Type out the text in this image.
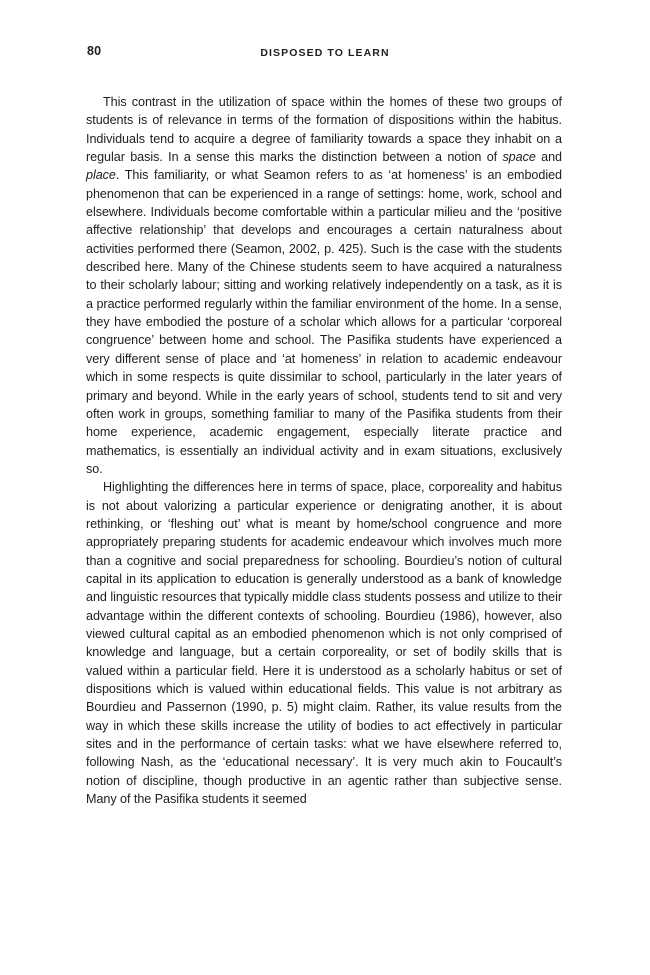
80	DISPOSED TO LEARN

This contrast in the utilization of space within the homes of these two groups of students is of relevance in terms of the formation of dispositions within the habitus. Individuals tend to acquire a degree of familiarity towards a space they inhabit on a regular basis. In a sense this marks the distinction between a notion of space and place. This familiarity, or what Seamon refers to as ‘at homeness’ is an embodied phenomenon that can be experienced in a range of settings: home, work, school and elsewhere. Individuals become comfortable within a particular milieu and the ‘positive affective relationship’ that develops and encourages a certain naturalness about activities performed there (Seamon, 2002, p. 425). Such is the case with the students described here. Many of the Chinese students seem to have acquired a naturalness to their scholarly labour; sitting and working relatively independently on a task, as it is a practice performed regularly within the familiar environment of the home. In a sense, they have embodied the posture of a scholar which allows for a particular ‘corporeal congruence’ between home and school. The Pasifika students have experienced a very different sense of place and ‘at homeness’ in relation to academic endeavour which in some respects is quite dissimilar to school, particularly in the later years of primary and beyond. While in the early years of school, students tend to sit and very often work in groups, something familiar to many of the Pasifika students from their home experience, academic engagement, especially literate practice and mathematics, is essentially an individual activity and in exam situations, exclusively so.

Highlighting the differences here in terms of space, place, corporeality and habitus is not about valorizing a particular experience or denigrating another, it is about rethinking, or ‘fleshing out’ what is meant by home/school congruence and more appropriately preparing students for academic endeavour which involves much more than a cognitive and social preparedness for schooling. Bourdieu’s notion of cultural capital in its application to education is generally understood as a bank of knowledge and linguistic resources that typically middle class students possess and utilize to their advantage within the different contexts of schooling. Bourdieu (1986), however, also viewed cultural capital as an embodied phenomenon which is not only comprised of knowledge and language, but a certain corporeality, or set of bodily skills that is valued within a particular field. Here it is understood as a scholarly habitus or set of dispositions which is valued within educational fields. This value is not arbitrary as Bourdieu and Passernon (1990, p. 5) might claim. Rather, its value results from the way in which these skills increase the utility of bodies to act effectively in particular sites and in the performance of certain tasks: what we have elsewhere referred to, following Nash, as the ‘educational necessary’. It is very much akin to Foucault’s notion of discipline, though productive in an agentic rather than subjective sense. Many of the Pasifika students it seemed
